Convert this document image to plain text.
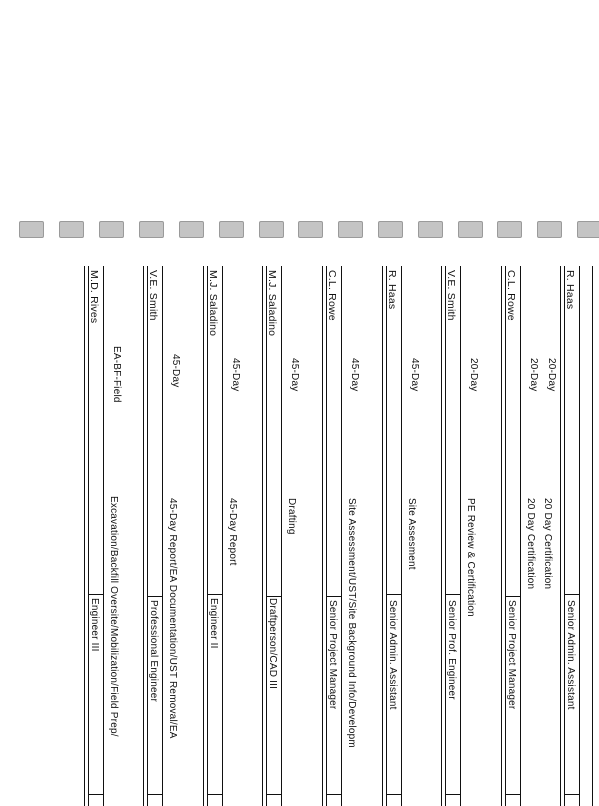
M.D. Rives
EA-BF-Field
Excavation/Backfill Oversite/Mobilization/Field Prep/
Engineer III
V.E. Smith
45-Day
45-Day Report/EA Documentation/UST Removal/EA
Professional Engineer
M.J. Saladino
45-Day
45-Day Report
Engineer II
M.J. Saladino
45-Day
Drafting
Draftperson/CAD III
C.L. Rowe
45-Day
Site Assessment/UST/Site Background Info/Developm
Senior Project Manager
R. Haas
45-Day
Site Assesment
Senior Admin. Assistant
V.E. Smith
20-Day
PE Review & Certification
Senior Prof. Engineer
C.L. Rowe
20-Day
20 Day Certification
Senior Project Manager
R. Haas
20-Day
20 Day Certification
Senior Admin. Assistant
